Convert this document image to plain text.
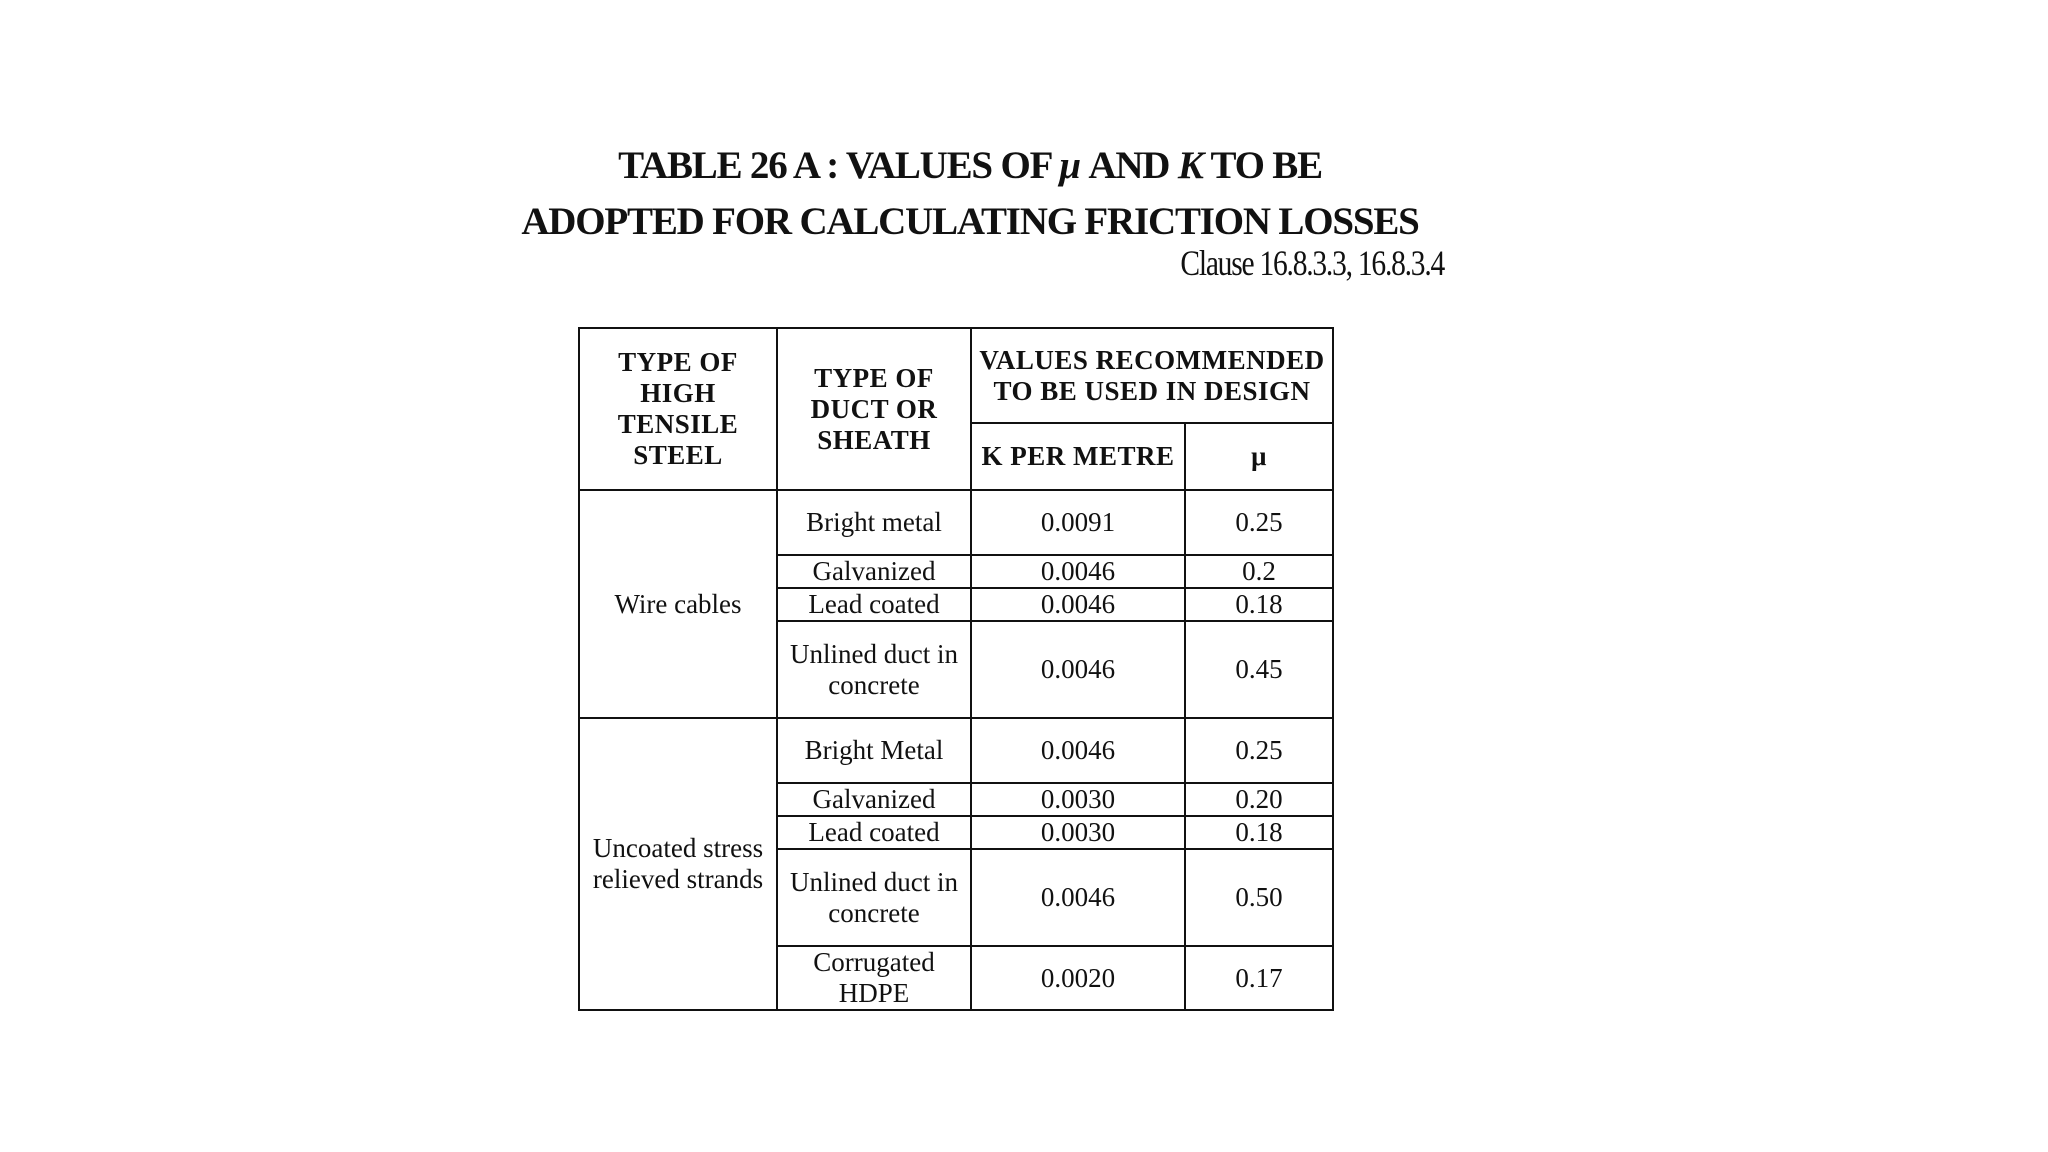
TABLE 26 A : VALUES OF μ AND K TO BE
ADOPTED FOR CALCULATING FRICTION LOSSES
Clause 16.8.3.3, 16.8.3.4
TYPE OF HIGH TENSILE STEEL	TYPE OF DUCT OR SHEATH	VALUES RECOMMENDED TO BE USED IN DESIGN	
		K PER METRE	μ
Wire cables	Bright metal	0.0091	0.25
	Galvanized	0.0046	0.2
	Lead coated	0.0046	0.18
	Unlined duct in concrete	0.0046	0.45
Uncoated stress relieved strands	Bright Metal	0.0046	0.25
	Galvanized	0.0030	0.20
	Lead coated	0.0030	0.18
	Unlined duct in concrete	0.0046	0.50
	Corrugated HDPE	0.0020	0.17
